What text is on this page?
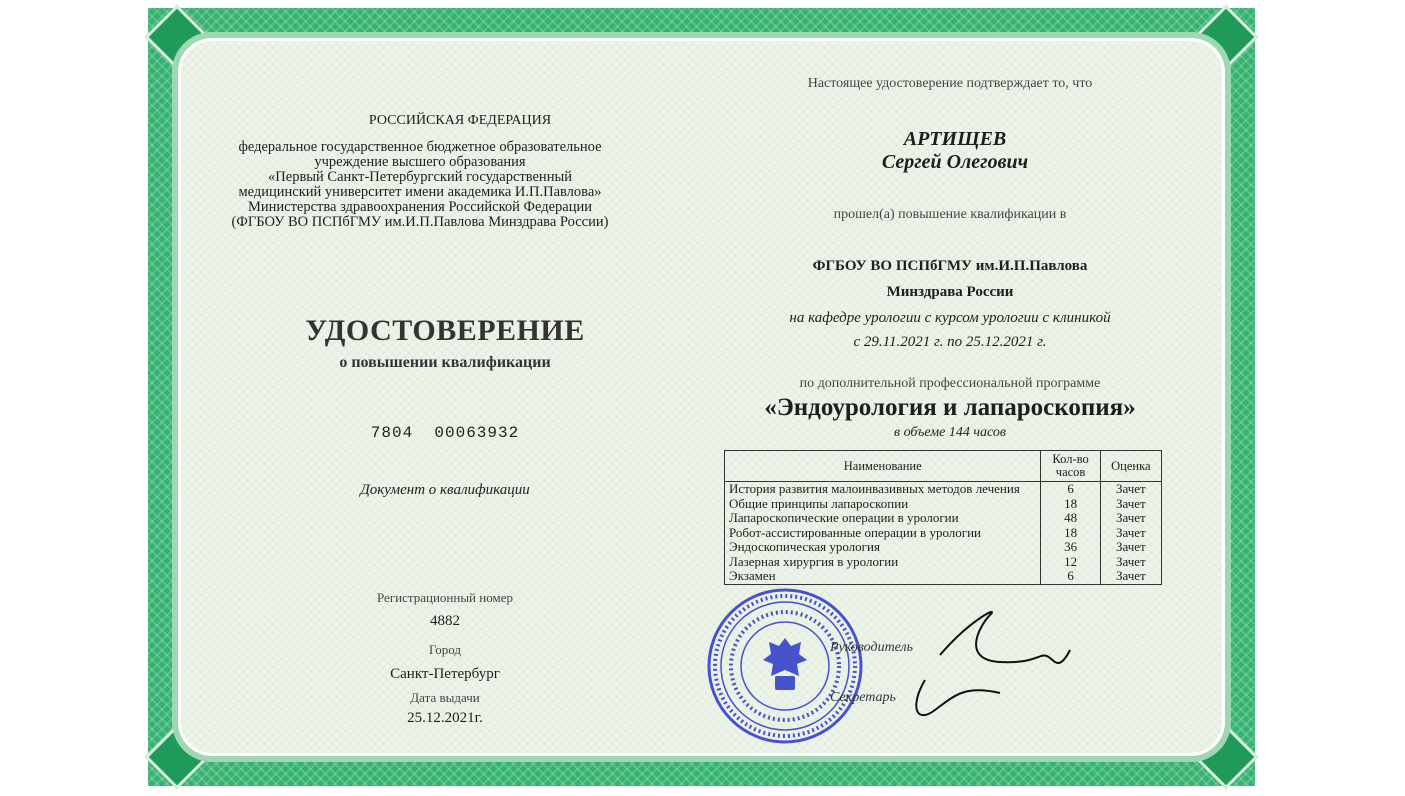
РОССИЙСКАЯ ФЕДЕРАЦИЯ
федеральное государственное бюджетное образовательное
учреждение высшего образования
«Первый Санкт-Петербургский государственный
медицинский университет имени академика И.П.Павлова»
Министерства здравоохранения Российской Федерации
(ФГБОУ ВО ПСПбГМУ им.И.П.Павлова Минздрава России)
УДОСТОВЕРЕНИЕ
о повышении квалификации
7804  00063932
Документ о квалификации
Регистрационный номер
4882
Город
Санкт-Петербург
Дата выдачи
25.12.2021г.
Настоящее удостоверение подтверждает то, что
АРТИЩЕВ
Сергей Олегович
прошел(а) повышение квалификации в
ФГБОУ ВО ПСПбГМУ им.И.П.Павлова
Минздрава России
на кафедре урологии с курсом урологии с клиникой
с 29.11.2021 г. по 25.12.2021 г.
по дополнительной профессиональной программе
«Эндоурология и лапароскопия»
в объеме 144 часов
Наименование	Кол-во часов	Оценка
История развития малоинвазивных методов лечения	6	Зачет
Общие принципы лапароскопии	18	Зачет
Лапароскопические операции в урологии	48	Зачет
Робот-ассистированные операции в урологии	18	Зачет
Эндоскопическая урология	36	Зачет
Лазерная хирургия в урологии	12	Зачет
Экзамен	6	Зачет
Руководитель
Секретарь
